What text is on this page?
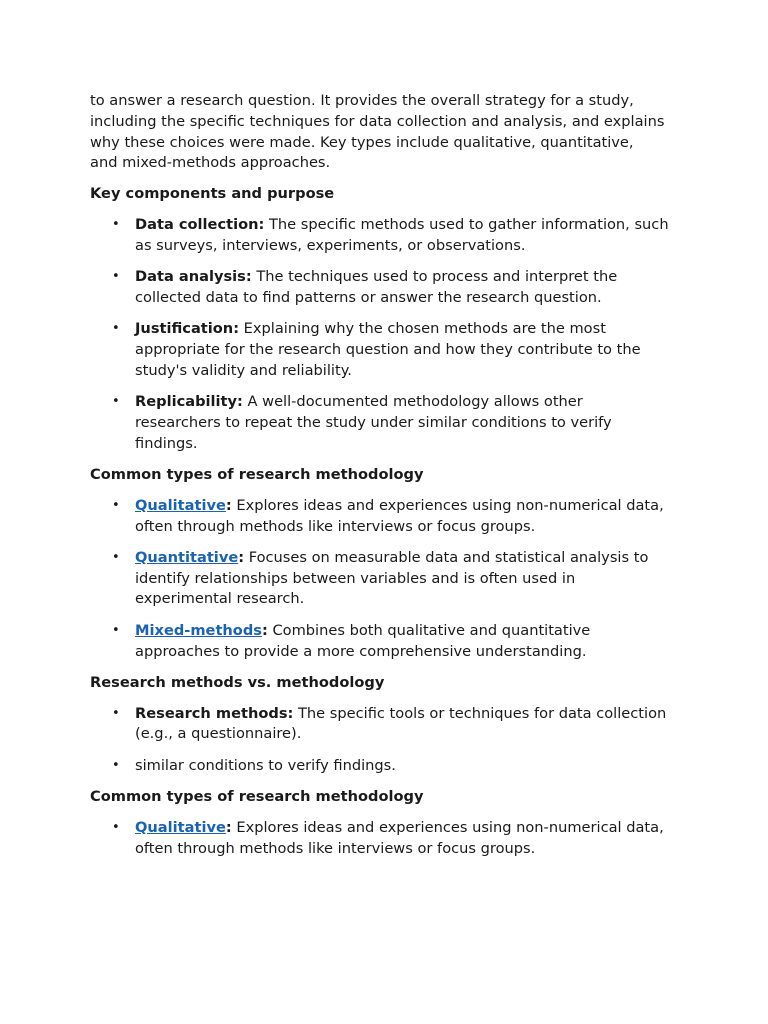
to answer a research question. It provides the overall strategy for a study, including the specific techniques for data collection and analysis, and explains why these choices were made. Key types include qualitative, quantitative, and mixed-methods approaches.

Key components and purpose
• Data collection: The specific methods used to gather information, such as surveys, interviews, experiments, or observations.
• Data analysis: The techniques used to process and interpret the collected data to find patterns or answer the research question.
• Justification: Explaining why the chosen methods are the most appropriate for the research question and how they contribute to the study's validity and reliability.
• Replicability: A well-documented methodology allows other researchers to repeat the study under similar conditions to verify findings.
Common types of research methodology
• Qualitative: Explores ideas and experiences using non-numerical data, often through methods like interviews or focus groups.
• Quantitative: Focuses on measurable data and statistical analysis to identify relationships between variables and is often used in experimental research.
• Mixed-methods: Combines both qualitative and quantitative approaches to provide a more comprehensive understanding.
Research methods vs. methodology
• Research methods: The specific tools or techniques for data collection (e.g., a questionnaire).
• similar conditions to verify findings.
Common types of research methodology
• Qualitative: Explores ideas and experiences using non-numerical data, often through methods like interviews or focus groups.
